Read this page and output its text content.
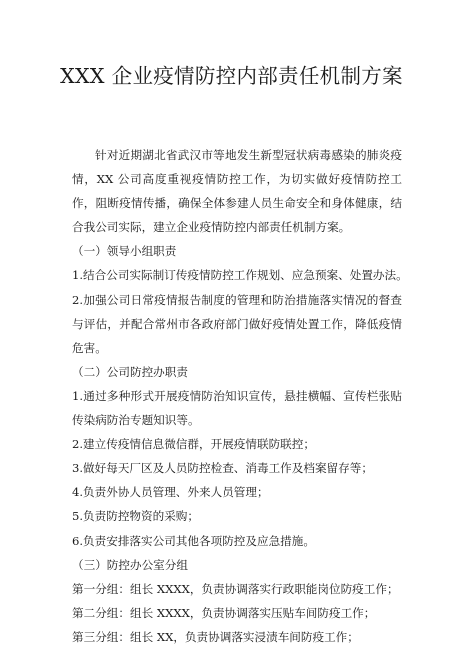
XXX 企业疫情防控内部责任机制方案

针对近期湖北省武汉市等地发生新型冠状病毒感染的肺炎疫情，XX 公司高度重视疫情防控工作，为切实做好疫情防控工作，阻断疫情传播，确保全体参建人员生命安全和身体健康，结合我公司实际，建立企业疫情防控内部责任机制方案。

（一）领导小组职责

1.结合公司实际制订传疫情防控工作规划、应急预案、处置办法。

2.加强公司日常疫情报告制度的管理和防治措施落实情况的督查与评估，并配合常州市各政府部门做好疫情处置工作，降低疫情危害。

（二）公司防控办职责

1.通过多种形式开展疫情防治知识宣传，悬挂横幅、宣传栏张贴传染病防治专题知识等。

2.建立传疫情信息微信群，开展疫情联防联控；

3.做好每天厂区及人员防控检查、消毒工作及档案留存等；

4.负责外协人员管理、外来人员管理；

5.负责防控物资的采购；

6.负责安排落实公司其他各项防控及应急措施。

（三）防控办公室分组

第一分组：组长 XXXX，负责协调落实行政职能岗位防疫工作；

第二分组：组长 XXXX，负责协调落实压贴车间防疫工作；

第三分组：组长 XX，负责协调落实浸渍车间防疫工作；
